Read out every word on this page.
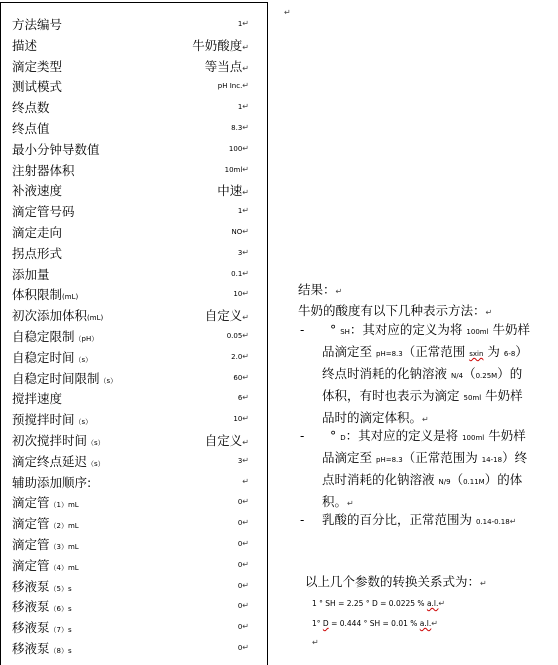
↵
方法编号	1↵
描述	牛奶酸度↵
滴定类型	等当点↵
测试模式	pH Inc.↵
终点数	1↵
终点值	8.3↵
最小分钟导数值	100↵
注射器体积	10ml↵
补液速度	中速↵
滴定管号码	1↵
滴定走向	NO↵
拐点形式	3↵
添加量	0.1↵
体积限制(mL)	10↵
初次添加体积(mL)	自定义↵
自稳定限制（pH）	0.05↵
自稳定时间（s）	2.0↵
自稳定时间限制（s）	60↵
搅拌速度	6↵
预搅拌时间（s）	10↵
初次搅拌时间（s）	自定义↵
滴定终点延迟（s）	3↵
辅助添加顺序:	↵
滴定管（1）mL	0↵
滴定管（2）mL	0↵
滴定管（3）mL	0↵
滴定管（4）mL	0↵
移液泵（5）s	0↵
移液泵（6）s	0↵
移液泵（7）s	0↵
移液泵（8）s	0↵
结果：↵
牛奶的酸度有以下几种表示方法：↵
-	° SH：其对应的定义为将 100ml 牛奶样
品滴定至 pH=8.3（正常范围 sxin 为 6-8）
终点时消耗的化钠溶液 N/4（0.25M）的
体积，有时也表示为滴定 50ml 牛奶样
品时的滴定体积。↵
-	° D：其对应的定义是将 100ml 牛奶样
品滴定至 pH=8.3（正常范围为 14-18）终
点时消耗的化钠溶液 N/9（0.11M）的体
积。↵
- 乳酸的百分比，正常范围为 0.14-0.18↵
以上几个参数的转换关系式为：↵
1 ° SH = 2.25 ° D = 0.0225 % a.l.↵
1° D = 0.444 ° SH = 0.01 % a.l.↵
↵
